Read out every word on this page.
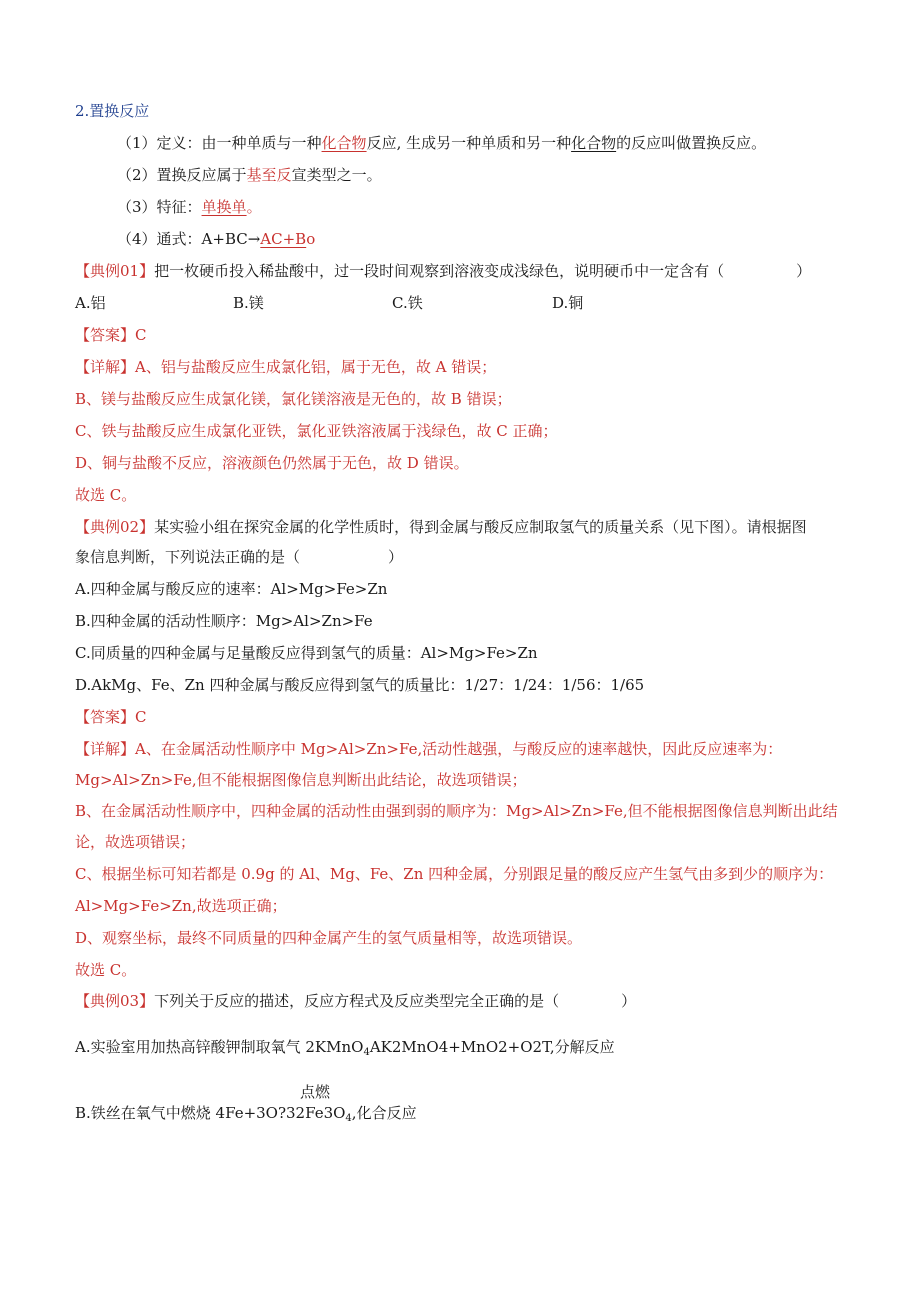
2.置换反应
（1）定义：由一种单质与一种化合物反应, 生成另一种单质和另一种化合物的反应叫做置换反应。
（2）置换反应属于基至反宣类型之一。
（3）特征：单换单。
（4）通式：A+BC→AC+Bo
【典例01】把一枚硬币投入稀盐酸中，过一段时间观察到溶液变成浅绿色，说明硬币中一定含有（	）
A.铝	B.镁	C.铁	D.铜
【答案】C
【详解】A、铝与盐酸反应生成氯化铝，属于无色，故 A 错误；
B、镁与盐酸反应生成氯化镁，氯化镁溶液是无色的，故 B 错误；
C、铁与盐酸反应生成氯化亚铁，氯化亚铁溶液属于浅绿色，故 C 正确；
D、铜与盐酸不反应，溶液颜色仍然属于无色，故 D 错误。
故选 C。
【典例02】某实验小组在探究金属的化学性质时，得到金属与酸反应制取氢气的质量关系（见下图）。请根据图
象信息判断，下列说法正确的是（	）
A.四种金属与酸反应的速率：Al>Mg>Fe>Zn
B.四种金属的活动性顺序：Mg>Al>Zn>Fe
C.同质量的四种金属与足量酸反应得到氢气的质量：Al>Mg>Fe>Zn
D.AkMg、Fe、Zn 四种金属与酸反应得到氢气的质量比：1/27：1/24：1/56：1/65
【答案】C
【详解】A、在金属活动性顺序中 Mg>Al>Zn>Fe,活动性越强，与酸反应的速率越快，因此反应速率为：
Mg>Al>Zn>Fe,但不能根据图像信息判断出此结论，故选项错误；
B、在金属活动性顺序中，四种金属的活动性由强到弱的顺序为：Mg>Al>Zn>Fe,但不能根据图像信息判断出此结
论，故选项错误；
C、根据坐标可知若都是 0.9g 的 Al、Mg、Fe、Zn 四种金属，分别跟足量的酸反应产生氢气由多到少的顺序为：
Al>Mg>Fe>Zn,故选项正确；
D、观察坐标，最终不同质量的四种金属产生的氢气质量相等，故选项错误。
故选 C。
【典例03】下列关于反应的描述，反应方程式及反应类型完全正确的是（	）
A.实验室用加热高锌酸钾制取氧气 2KMnO$_4$AK2MnO4+MnO2+O2T,分解反应
点燃
B.铁丝在氧气中燃烧 $4Fe+3O?32Fe3O_4$,化合反应
